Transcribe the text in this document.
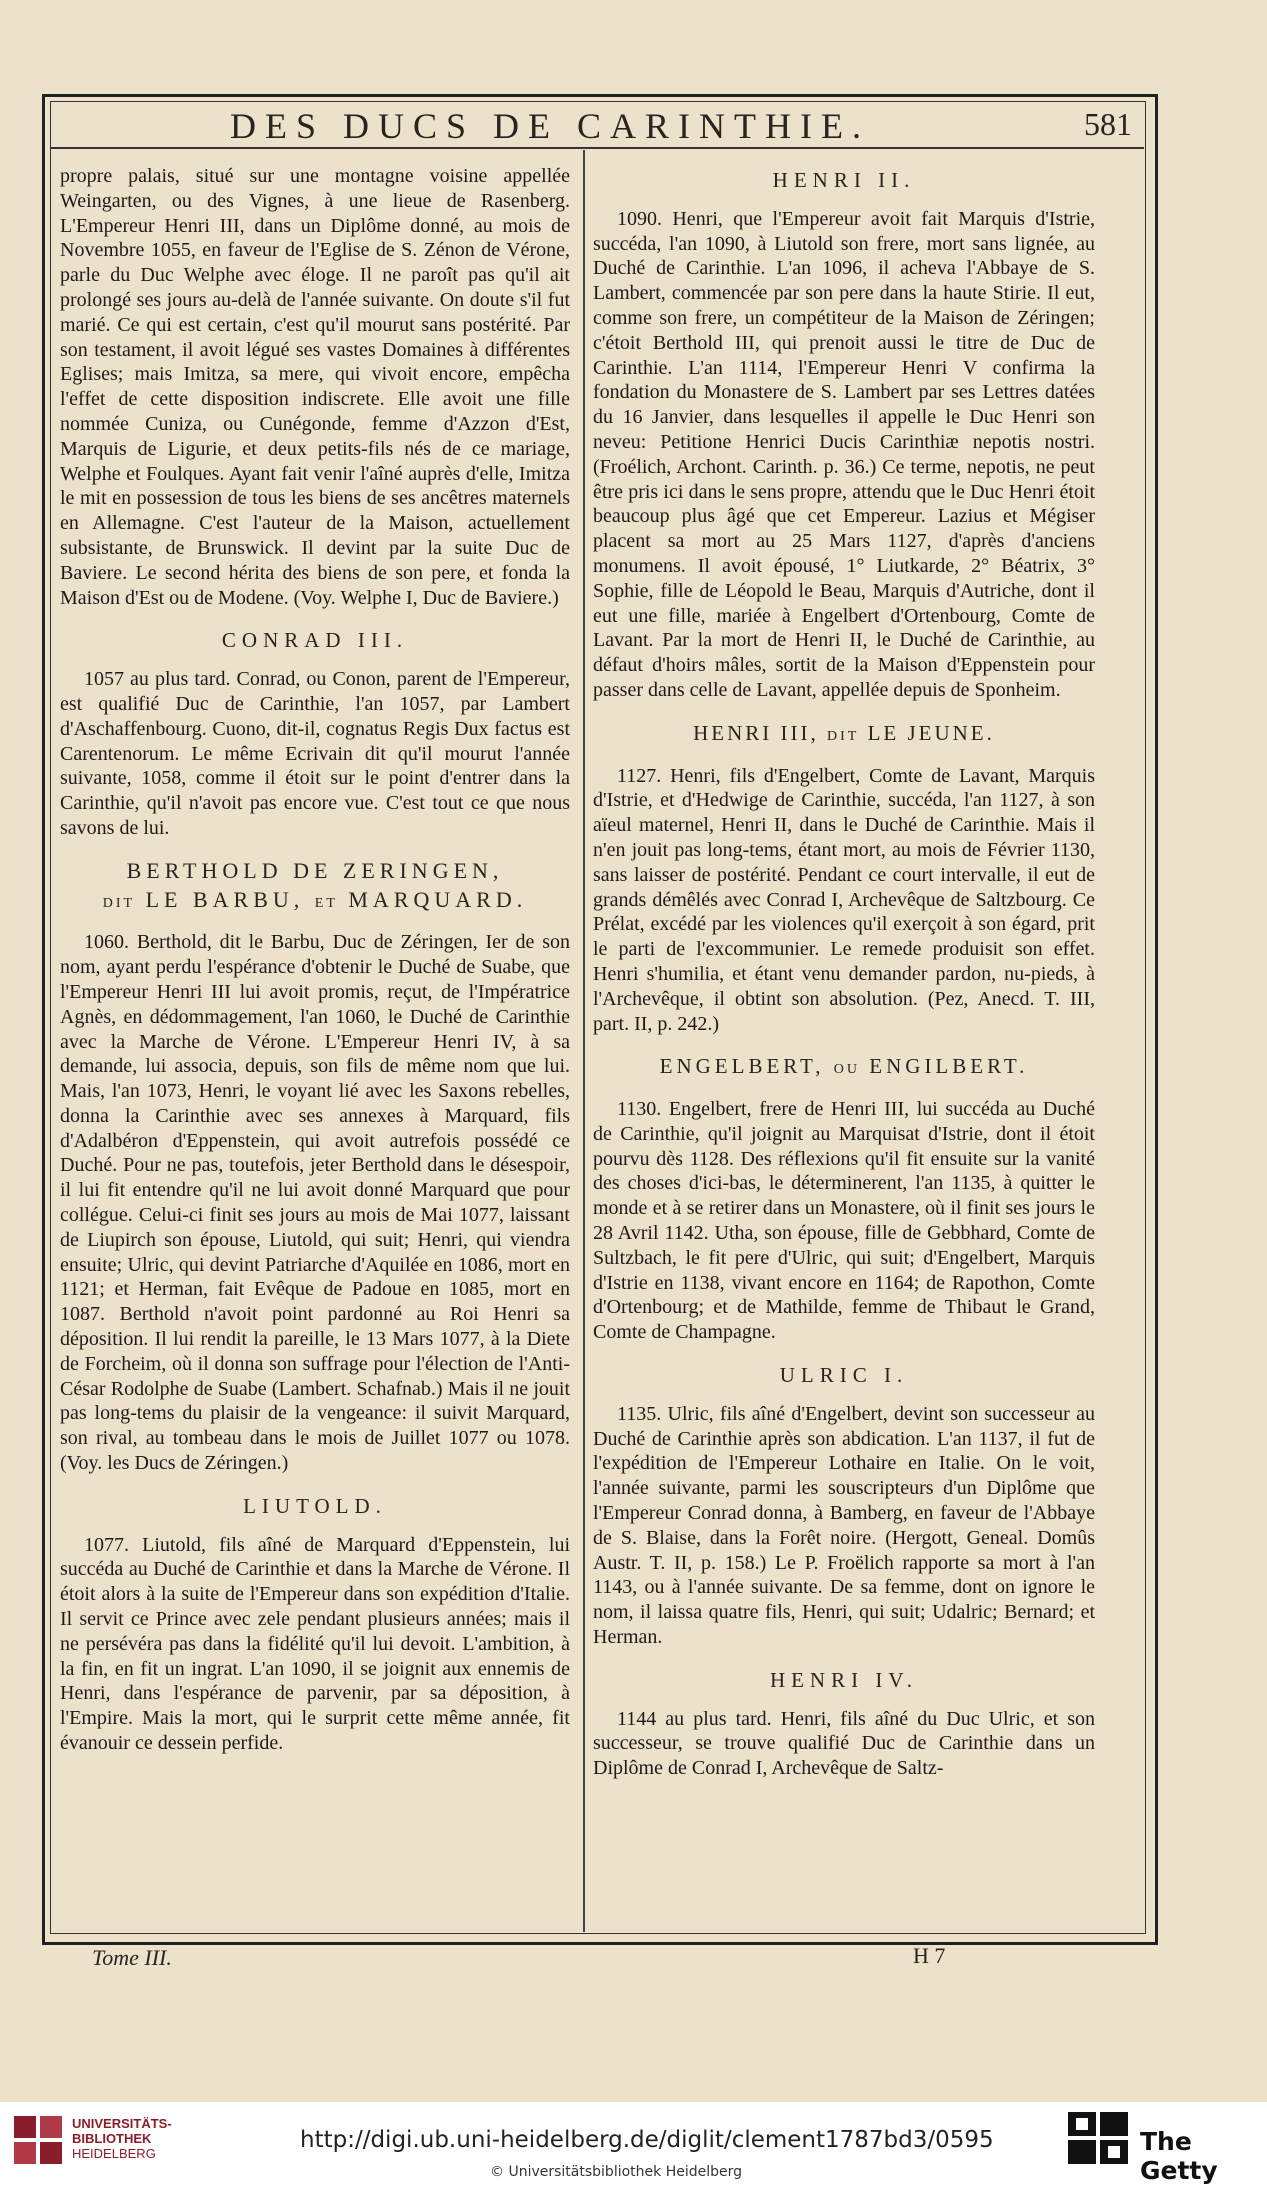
DES DUCS DE CARINTHIE.	581

propre palais, situé sur une montagne voisine appellée Weingarten, ou des Vignes, à une lieue de Rasenberg. L'Empereur Henri III, dans un Diplôme donné, au mois de Novembre 1055, en faveur de l'Eglise de S. Zénon de Vérone, parle du Duc Welphe avec éloge. Il ne paroît pas qu'il ait prolongé ses jours au-delà de l'année suivante. On doute s'il fut marié. Ce qui est certain, c'est qu'il mourut sans postérité. Par son testament, il avoit légué ses vastes Domaines à différentes Eglises; mais Imitza, sa mere, qui vivoit encore, empêcha l'effet de cette disposition indiscrete. Elle avoit une fille nommée Cuniza, ou Cunégonde, femme d'Azzon d'Est, Marquis de Ligurie, et deux petits-fils nés de ce mariage, Welphe et Foulques. Ayant fait venir l'aîné auprès d'elle, Imitza le mit en possession de tous les biens de ses ancêtres maternels en Allemagne. C'est l'auteur de la Maison, actuellement subsistante, de Brunswick. Il devint par la suite Duc de Baviere. Le second hérita des biens de son pere, et fonda la Maison d'Est ou de Modene. (Voy. Welphe I, Duc de Baviere.)

CONRAD III.

1057 au plus tard. Conrad, ou Conon, parent de l'Empereur, est qualifié Duc de Carinthie, l'an 1057, par Lambert d'Aschaffenbourg. Cuono, dit-il, cognatus Regis Dux factus est Carentenorum. Le même Ecrivain dit qu'il mourut l'année suivante, 1058, comme il étoit sur le point d'entrer dans la Carinthie, qu'il n'avoit pas encore vue. C'est tout ce que nous savons de lui.

BERTHOLD DE ZERINGEN,
DIT LE BARBU, ET MARQUARD.

1060. Berthold, dit le Barbu, Duc de Zéringen, Ier de son nom, ayant perdu l'espérance d'obtenir le Duché de Suabe, que l'Empereur Henri III lui avoit promis, reçut, de l'Impératrice Agnès, en dédommagement, l'an 1060, le Duché de Carinthie avec la Marche de Vérone. L'Empereur Henri IV, à sa demande, lui associa, depuis, son fils de même nom que lui. Mais, l'an 1073, Henri, le voyant lié avec les Saxons rebelles, donna la Carinthie avec ses annexes à Marquard, fils d'Adalbéron d'Eppenstein, qui avoit autrefois possédé ce Duché. Pour ne pas, toutefois, jeter Berthold dans le désespoir, il lui fit entendre qu'il ne lui avoit donné Marquard que pour collégue. Celui-ci finit ses jours au mois de Mai 1077, laissant de Liupirch son épouse, Liutold, qui suit; Henri, qui viendra ensuite; Ulric, qui devint Patriarche d'Aquilée en 1086, mort en 1121; et Herman, fait Evêque de Padoue en 1085, mort en 1087. Berthold n'avoit point pardonné au Roi Henri sa déposition. Il lui rendit la pareille, le 13 Mars 1077, à la Diete de Forcheim, où il donna son suffrage pour l'élection de l'Anti-César Rodolphe de Suabe (Lambert. Schafnab.) Mais il ne jouit pas long-tems du plaisir de la vengeance: il suivit Marquard, son rival, au tombeau dans le mois de Juillet 1077 ou 1078. (Voy. les Ducs de Zéringen.)

LIUTOLD.

1077. Liutold, fils aîné de Marquard d'Eppenstein, lui succéda au Duché de Carinthie et dans la Marche de Vérone. Il étoit alors à la suite de l'Empereur dans son expédition d'Italie. Il servit ce Prince avec zele pendant plusieurs années; mais il ne persévéra pas dans la fidélité qu'il lui devoit. L'ambition, à la fin, en fit un ingrat. L'an 1090, il se joignit aux ennemis de Henri, dans l'espérance de parvenir, par sa déposition, à l'Empire. Mais la mort, qui le surprit cette même année, fit évanouir ce dessein perfide.

HENRI II.

1090. Henri, que l'Empereur avoit fait Marquis d'Istrie, succéda, l'an 1090, à Liutold son frere, mort sans lignée, au Duché de Carinthie. L'an 1096, il acheva l'Abbaye de S. Lambert, commencée par son pere dans la haute Stirie. Il eut, comme son frere, un compétiteur de la Maison de Zéringen; c'étoit Berthold III, qui prenoit aussi le titre de Duc de Carinthie. L'an 1114, l'Empereur Henri V confirma la fondation du Monastere de S. Lambert par ses Lettres datées du 16 Janvier, dans lesquelles il appelle le Duc Henri son neveu: Petitione Henrici Ducis Carinthiæ nepotis nostri. (Froélich, Archont. Carinth. p. 36.) Ce terme, nepotis, ne peut être pris ici dans le sens propre, attendu que le Duc Henri étoit beaucoup plus âgé que cet Empereur. Lazius et Mégiser placent sa mort au 25 Mars 1127, d'après d'anciens monumens. Il avoit épousé, 1° Liutkarde, 2° Béatrix, 3° Sophie, fille de Léopold le Beau, Marquis d'Autriche, dont il eut une fille, mariée à Engelbert d'Ortenbourg, Comte de Lavant. Par la mort de Henri II, le Duché de Carinthie, au défaut d'hoirs mâles, sortit de la Maison d'Eppenstein pour passer dans celle de Lavant, appellée depuis de Sponheim.

HENRI III, DIT LE JEUNE.

1127. Henri, fils d'Engelbert, Comte de Lavant, Marquis d'Istrie, et d'Hedwige de Carinthie, succéda, l'an 1127, à son aïeul maternel, Henri II, dans le Duché de Carinthie. Mais il n'en jouit pas long-tems, étant mort, au mois de Février 1130, sans laisser de postérité. Pendant ce court intervalle, il eut de grands démêlés avec Conrad I, Archevêque de Saltzbourg. Ce Prélat, excédé par les violences qu'il exerçoit à son égard, prit le parti de l'excommunier. Le remede produisit son effet. Henri s'humilia, et étant venu demander pardon, nu-pieds, à l'Archevêque, il obtint son absolution. (Pez, Anecd. T. III, part. II, p. 242.)

ENGELBERT, OU ENGILBERT.

1130. Engelbert, frere de Henri III, lui succéda au Duché de Carinthie, qu'il joignit au Marquisat d'Istrie, dont il étoit pourvu dès 1128. Des réflexions qu'il fit ensuite sur la vanité des choses d'ici-bas, le déterminerent, l'an 1135, à quitter le monde et à se retirer dans un Monastere, où il finit ses jours le 28 Avril 1142. Utha, son épouse, fille de Gebbhard, Comte de Sultzbach, le fit pere d'Ulric, qui suit; d'Engelbert, Marquis d'Istrie en 1138, vivant encore en 1164; de Rapothon, Comte d'Ortenbourg; et de Mathilde, femme de Thibaut le Grand, Comte de Champagne.

ULRIC I.

1135. Ulric, fils aîné d'Engelbert, devint son successeur au Duché de Carinthie après son abdication. L'an 1137, il fut de l'expédition de l'Empereur Lothaire en Italie. On le voit, l'année suivante, parmi les souscripteurs d'un Diplôme que l'Empereur Conrad donna, à Bamberg, en faveur de l'Abbaye de S. Blaise, dans la Forêt noire. (Hergott, Geneal. Domûs Austr. T. II, p. 158.) Le P. Froëlich rapporte sa mort à l'an 1143, ou à l'année suivante. De sa femme, dont on ignore le nom, il laissa quatre fils, Henri, qui suit; Udalric; Bernard; et Herman.

HENRI IV.

1144 au plus tard. Henri, fils aîné du Duc Ulric, et son successeur, se trouve qualifié Duc de Carinthie dans un Diplôme de Conrad I, Archevêque de Saltz-

Tome III.	H 7
UNIVERSITÄTS-
BIBLIOTHEK
HEIDELBERG
http://digi.ub.uni-heidelberg.de/diglit/clement1787bd3/0595
© Universitätsbibliothek Heidelberg
The Getty
